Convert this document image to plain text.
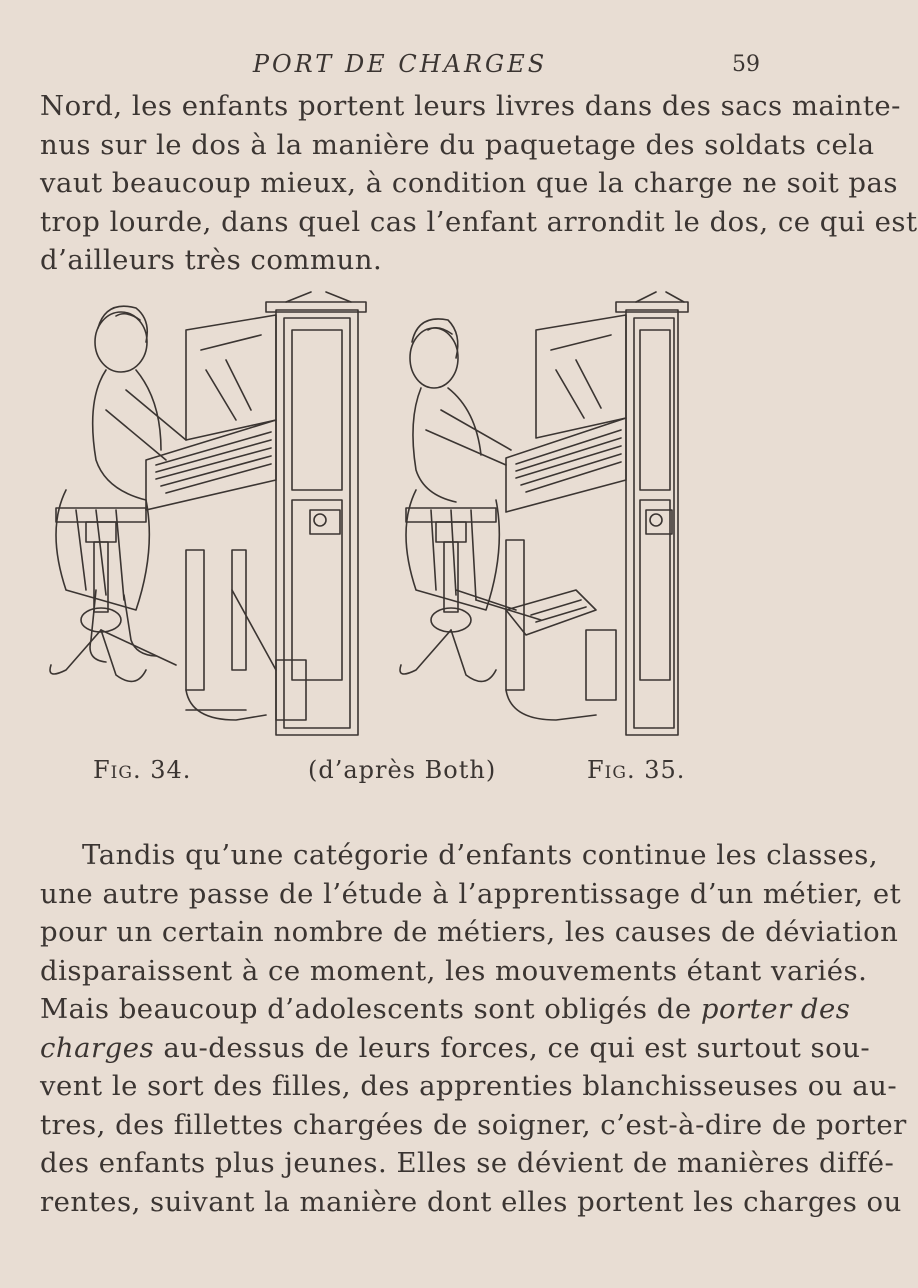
PORT DE CHARGES	59
Nord, les enfants portent leurs livres dans des sacs mainte-
nus sur le dos à la manière du paquetage des soldats cela
vaut beaucoup mieux, à condition que la charge ne soit pas
trop lourde, dans quel cas l’enfant arrondit le dos, ce qui est
d’ailleurs très commun.
Fig. 34.	(d’après Both)	Fig. 35.
Tandis qu’une catégorie d’enfants continue les classes,
une autre passe de l’étude à l’apprentissage d’un métier, et
pour un certain nombre de métiers, les causes de déviation
disparaissent à ce moment, les mouvements étant variés.
Mais beaucoup d’adolescents sont obligés de porter des
charges au-dessus de leurs forces, ce qui est surtout sou-
vent le sort des filles, des apprenties blanchisseuses ou au-
tres, des fillettes chargées de soigner, c’est-à-dire de porter
des enfants plus jeunes. Elles se dévient de manières diffé-
rentes, suivant la manière dont elles portent les charges ou
